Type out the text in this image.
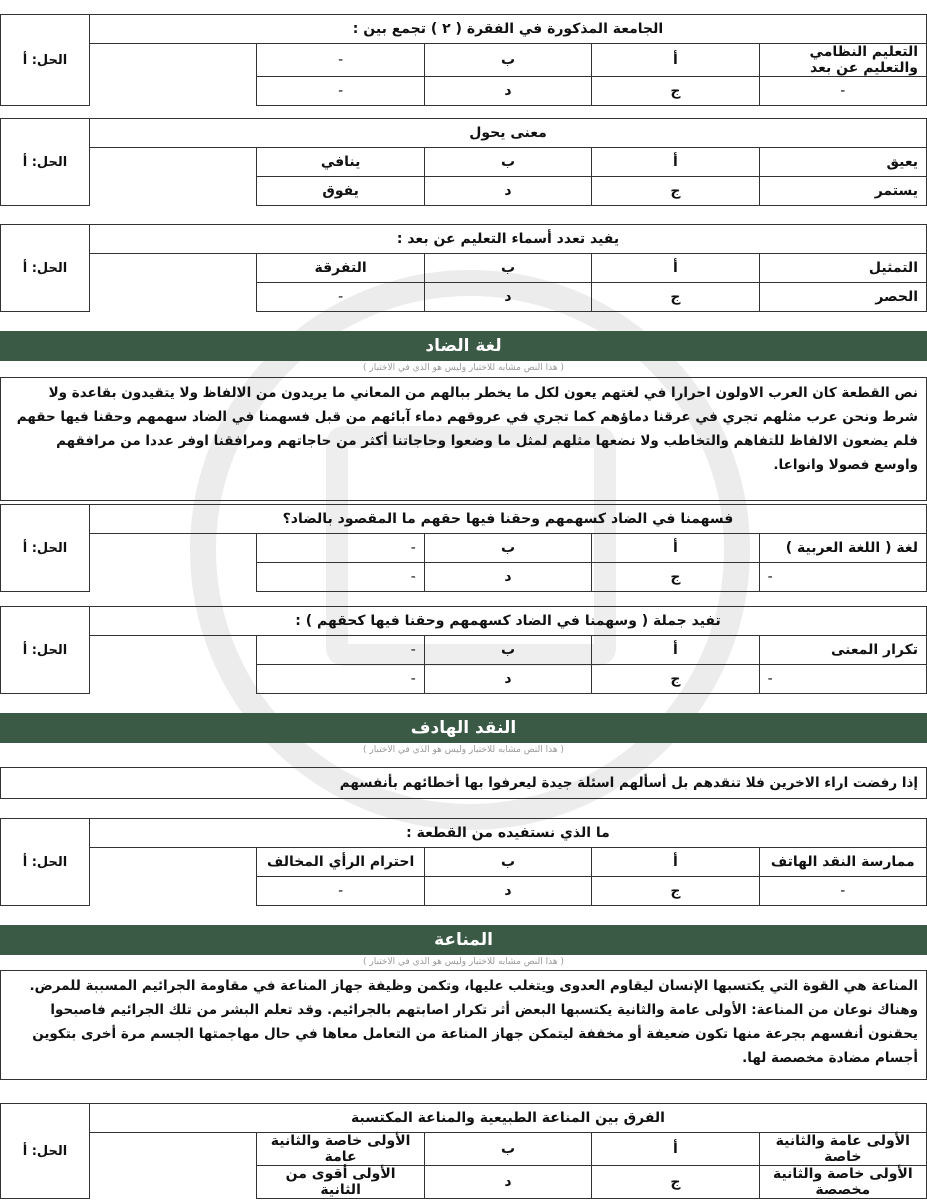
الجامعة المذكورة في الفقرة ( ٢ ) تجمع بين :				الحل: أ
التعليم النظامي والتعليم عن بعد	أ	ب	-	
-	ج	د	-	
معنى يحول				الحل: أ
يعيق	أ	ب	ينافي	
يستمر	ج	د	يفوق	
يفيد تعدد أسماء التعليم عن بعد :				الحل: أ
التمثيل	أ	ب	التفرقة	
الحصر	ج	د	-	
لغة الضاد
( هذا النص مشابه للاختبار وليس هو الذي في الاختبار )
نص القطعة كان العرب الاولون احرارا في لغتهم يعون لكل ما يخطر ببالهم من المعاني ما يريدون من الالفاظ ولا يتقيدون بقاعدة ولا شرط ونحن عرب مثلهم تجري في عرقنا دماؤهم كما تجري في عروقهم دماء آبائهم من قبل فسهمنا في الضاد سهمهم وحقنا فيها حقهم فلم يضعون الالفاظ للتفاهم والتخاطب ولا نضعها مثلهم لمثل ما وضعوا وحاجاتنا أكثر من حاجاتهم ومرافقنا اوفر عددا من مرافقهم واوسع فصولا وانواعا.
فسهمنا في الضاد كسهمهم وحقنا فيها حقهم ما المقصود بالضاد؟				الحل: أ
لغة ( اللغة العربية )	أ	ب	-	
-	ج	د	-	
تفيد جملة ( وسهمنا في الضاد كسهمهم وحقنا فيها كحقهم ) :				الحل: أ
تكرار المعنى	أ	ب	-	
-	ج	د	-	
النقد الهادف
( هذا النص مشابه للاختبار وليس هو الذي في الاختبار )
إذا رفضت اراء الاخرين فلا تنقدهم بل أسألهم اسئلة جيدة ليعرفوا بها أخطائهم بأنفسهم
ما الذي نستفيده من القطعة :				الحل: أ
ممارسة النقد الهاتف	أ	ب	احترام الرأي المخالف	
-	ج	د	-	
المناعة
( هذا النص مشابه للاختبار وليس هو الذي في الاختبار )
المناعة هي القوة التي يكتسبها الإنسان ليقاوم العدوى ويتغلب عليها، وتكمن وظيفة جهاز المناعة في مقاومة الجرائيم المسببة للمرض. وهناك نوعان من المناعة: الأولى عامة والثانية يكتسبها البعض أثر تكرار اصابتهم بالجرائيم. وقد تعلم البشر من تلك الجرائيم فاصبحوا يحقنون أنفسهم بجرعة منها تكون ضعيفة أو مخففة ليتمكن جهاز المناعة من التعامل معاها في حال مهاجمتها الجسم مرة أخرى بتكوين أجسام مضادة مخصصة لها.
الفرق بين المناعة الطبيعية والمناعة المكتسبة				الحل: أ
الأولى عامة والثانية خاصة	أ	ب	الأولى خاصة والثانية عامة	
الأولى خاصة والثانية مخصصة	ج	د	الأولى أقوى من الثانية	
